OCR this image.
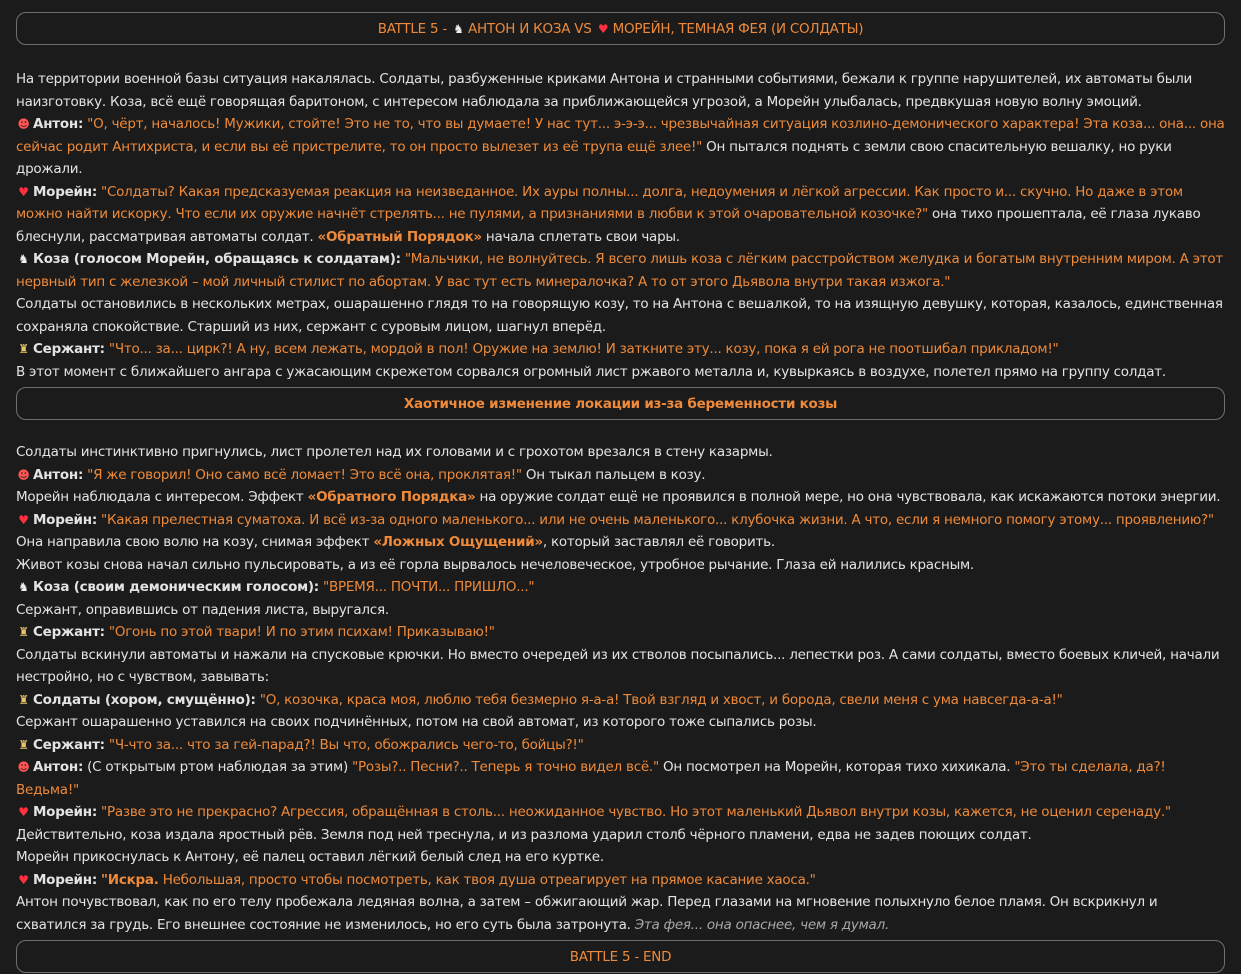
BATTLE 5 - ♞ АНТОН И КОЗА VS ♥ МОРЕЙН, ТЕМНАЯ ФЕЯ (И СОЛДАТЫ)

На территории военной базы ситуация накалялась. Солдаты, разбуженные криками Антона и странными событиями, бежали к группе нарушителей, их автоматы были наизготовку. Коза, всё ещё говорящая баритоном, с интересом наблюдала за приближающейся угрозой, а Морейн улыбалась, предвкушая новую волну эмоций.

☻ Антон: "О, чёрт, началось! Мужики, стойте! Это не то, что вы думаете! У нас тут... э-э-э... чрезвычайная ситуация козлино-демонического характера! Эта коза... она... она сейчас родит Антихриста, и если вы её пристрелите, то он просто вылезет из её трупа ещё злее!" Он пытался поднять с земли свою спасительную вешалку, но руки дрожали.

♥ Морейн: "Солдаты? Какая предсказуемая реакция на неизведанное. Их ауры полны... долга, недоумения и лёгкой агрессии. Как просто и... скучно. Но даже в этом можно найти искорку. Что если их оружие начнёт стрелять... не пулями, а признаниями в любви к этой очаровательной козочке?" она тихо прошептала, её глаза лукаво блеснули, рассматривая автоматы солдат. «Обратный Порядок» начала сплетать свои чары.

♞ Коза (голосом Морейн, обращаясь к солдатам): "Мальчики, не волнуйтесь. Я всего лишь коза с лёгким расстройством желудка и богатым внутренним миром. А этот нервный тип с железкой – мой личный стилист по абортам. У вас тут есть минералочка? А то от этого Дьявола внутри такая изжога."

Солдаты остановились в нескольких метрах, ошарашенно глядя то на говорящую козу, то на Антона с вешалкой, то на изящную девушку, которая, казалось, единственная сохраняла спокойствие. Старший из них, сержант с суровым лицом, шагнул вперёд.

♜ Сержант: "Что... за... цирк?! А ну, всем лежать, мордой в пол! Оружие на землю! И заткните эту... козу, пока я ей рога не поотшибал прикладом!"

В этот момент с ближайшего ангара с ужасающим скрежетом сорвался огромный лист ржавого металла и, кувыркаясь в воздухе, полетел прямо на группу солдат.

Хаотичное изменение локации из-за беременности козы

Солдаты инстинктивно пригнулись, лист пролетел над их головами и с грохотом врезался в стену казармы.

☻ Антон: "Я же говорил! Оно само всё ломает! Это всё она, проклятая!" Он тыкал пальцем в козу.

Морейн наблюдала с интересом. Эффект «Обратного Порядка» на оружие солдат ещё не проявился в полной мере, но она чувствовала, как искажаются потоки энергии.

♥ Морейн: "Какая прелестная суматоха. И всё из-за одного маленького... или не очень маленького... клубочка жизни. А что, если я немного помогу этому... проявлению?" Она направила свою волю на козу, снимая эффект «Ложных Ощущений», который заставлял её говорить.

Живот козы снова начал сильно пульсировать, а из её горла вырвалось нечеловеческое, утробное рычание. Глаза ей налились красным.

♞ Коза (своим демоническим голосом): "ВРЕМЯ... ПОЧТИ... ПРИШЛО..."

Сержант, оправившись от падения листа, выругался.

♜ Сержант: "Огонь по этой твари! И по этим психам! Приказываю!"

Солдаты вскинули автоматы и нажали на спусковые крючки. Но вместо очередей из их стволов посыпались... лепестки роз. А сами солдаты, вместо боевых кличей, начали нестройно, но с чувством, завывать:

♜ Солдаты (хором, смущённо): "О, козочка, краса моя, люблю тебя безмерно я-а-а! Твой взгляд и хвост, и борода, свели меня с ума навсегда-а-а!"

Сержант ошарашенно уставился на своих подчинённых, потом на свой автомат, из которого тоже сыпались розы.

♜ Сержант: "Ч-что за... что за гей-парад?! Вы что, обожрались чего-то, бойцы?!"

☻ Антон: (С открытым ртом наблюдая за этим) "Розы?.. Песни?.. Теперь я точно видел всё." Он посмотрел на Морейн, которая тихо хихикала. "Это ты сделала, да?! Ведьма!"

♥ Морейн: "Разве это не прекрасно? Агрессия, обращённая в столь... неожиданное чувство. Но этот маленький Дьявол внутри козы, кажется, не оценил серенаду."

Действительно, коза издала яростный рёв. Земля под ней треснула, и из разлома ударил столб чёрного пламени, едва не задев поющих солдат.

Морейн прикоснулась к Антону, её палец оставил лёгкий белый след на его куртке.

♥ Морейн: "Искра. Небольшая, просто чтобы посмотреть, как твоя душа отреагирует на прямое касание хаоса."

Антон почувствовал, как по его телу пробежала ледяная волна, а затем – обжигающий жар. Перед глазами на мгновение полыхнуло белое пламя. Он вскрикнул и схватился за грудь. Его внешнее состояние не изменилось, но его суть была затронута. Эта фея... она опаснее, чем я думал.

BATTLE 5 - END
